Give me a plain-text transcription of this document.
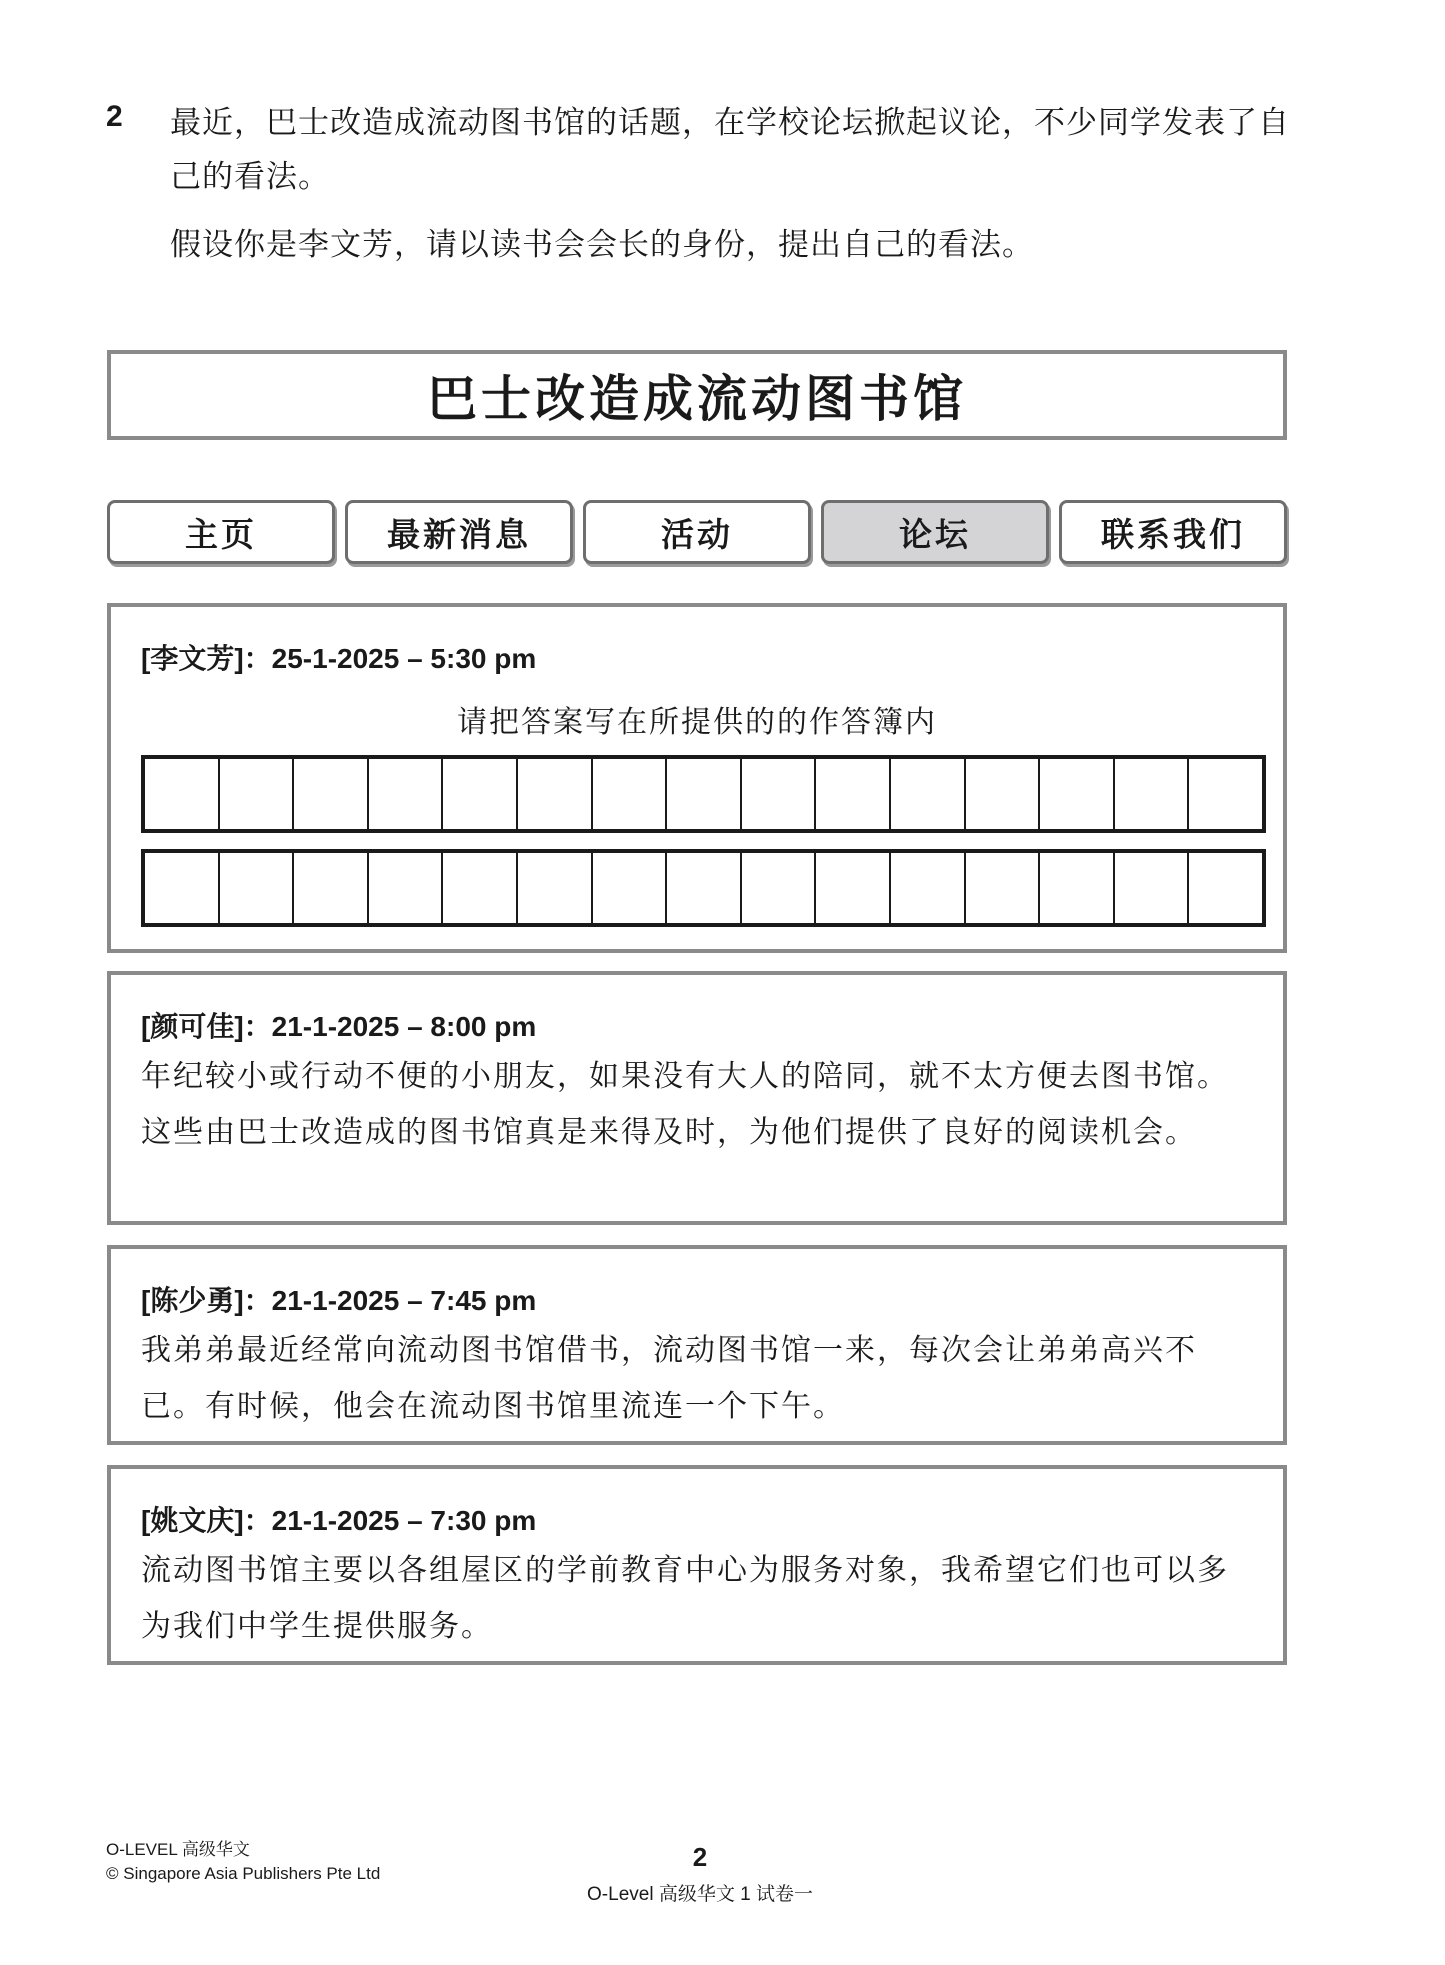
2 最近，巴士改造成流动图书馆的话题，在学校论坛掀起议论，不少同学发表了自己的看法。

假设你是李文芳，请以读书会会长的身份，提出自己的看法。

巴士改造成流动图书馆
主页	最新消息	活动	论坛	联系我们
[李文芳]：25-1-2025 – 5:30 pm
请把答案写在所提供的的作答簿内
[颜可佳]：21-1-2025 – 8:00 pm
年纪较小或行动不便的小朋友，如果没有大人的陪同，就不太方便去图书馆。这些由巴士改造成的图书馆真是来得及时，为他们提供了良好的阅读机会。
[陈少勇]：21-1-2025 – 7:45 pm
我弟弟最近经常向流动图书馆借书，流动图书馆一来，每次会让弟弟高兴不已。有时候，他会在流动图书馆里流连一个下午。
[姚文庆]：21-1-2025 – 7:30 pm
流动图书馆主要以各组屋区的学前教育中心为服务对象，我希望它们也可以多为我们中学生提供服务。
O-LEVEL 高级华文
© Singapore Asia Publishers Pte Ltd
2
O-Level 高级华文 1 试卷一
